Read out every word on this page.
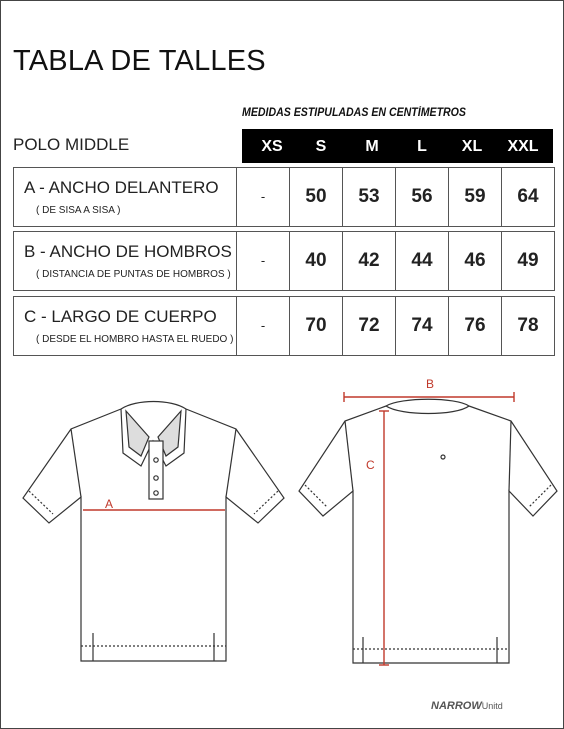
TABLA DE TALLES
MEDIDAS ESTIPULADAS EN CENTÍMETROS
POLO MIDDLE	XS	S	M	L	XL	XXL
A - ANCHO DELANTERO
( DE SISA A SISA )
-	50	53	56	59	64
B - ANCHO DE HOMBROS
( DISTANCIA DE PUNTAS DE HOMBROS )
-	40	42	44	46	49
C - LARGO DE CUERPO
( DESDE EL HOMBRO HASTA EL RUEDO )
-	70	72	74	76	78
A
B
C
NARROWUnitd
